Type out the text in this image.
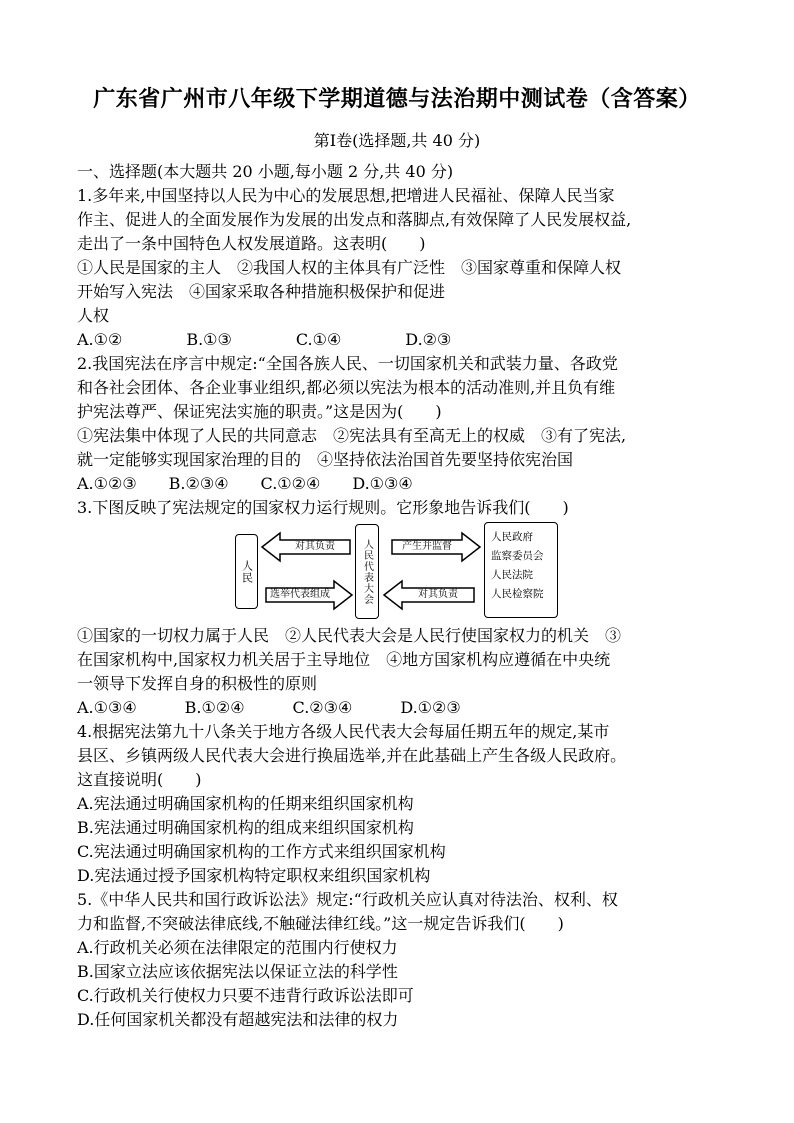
广东省广州市八年级下学期道德与法治期中测试卷（含答案）
第Ⅰ卷(选择题,共 40 分)
一、选择题(本大题共 20 小题,每小题 2 分,共 40 分)
1.多年来,中国坚持以人民为中心的发展思想,把增进人民福祉、保障人民当家
作主、促进人的全面发展作为发展的出发点和落脚点,有效保障了人民发展权益,
走出了一条中国特色人权发展道路。这表明(　　)
①人民是国家的主人　②我国人权的主体具有广泛性　③国家尊重和保障人权
开始写入宪法　④国家采取各种措施积极保护和促进
人权
A.①②　　　　B.①③　　　　C.①④　　　　D.②③
2.我国宪法在序言中规定:“全国各族人民、一切国家机关和武装力量、各政党
和各社会团体、各企业事业组织,都必须以宪法为根本的活动准则,并且负有维
护宪法尊严、保证宪法实施的职责。”这是因为(　　)
①宪法集中体现了人民的共同意志　②宪法具有至高无上的权威　③有了宪法,
就一定能够实现国家治理的目的　④坚持依法治国首先要坚持依宪治国
A.①②③　　B.②③④　　C.①②④　　D.①③④
3.下图反映了宪法规定的国家权力运行规则。它形象地告诉我们(　　)
人民	人民代表大会
人民政府
监察委员会
人民法院
人民检察院
对其负责
选举代表组成
产生并监督
对其负责
①国家的一切权力属于人民　②人民代表大会是人民行使国家权力的机关　③
在国家机构中,国家权力机关居于主导地位　④地方国家机构应遵循在中央统
一领导下发挥自身的积极性的原则
A.①③④　　　B.①②④　　　C.②③④　　　D.①②③
4.根据宪法第九十八条关于地方各级人民代表大会每届任期五年的规定,某市
县区、乡镇两级人民代表大会进行换届选举,并在此基础上产生各级人民政府。
这直接说明(　　)
A.宪法通过明确国家机构的任期来组织国家机构
B.宪法通过明确国家机构的组成来组织国家机构
C.宪法通过明确国家机构的工作方式来组织国家机构
D.宪法通过授予国家机构特定职权来组织国家机构
5.《中华人民共和国行政诉讼法》规定:“行政机关应认真对待法治、权利、权
力和监督,不突破法律底线,不触碰法律红线。”这一规定告诉我们(　　)
A.行政机关必须在法律限定的范围内行使权力
B.国家立法应该依据宪法以保证立法的科学性
C.行政机关行使权力只要不违背行政诉讼法即可
D.任何国家机关都没有超越宪法和法律的权力
